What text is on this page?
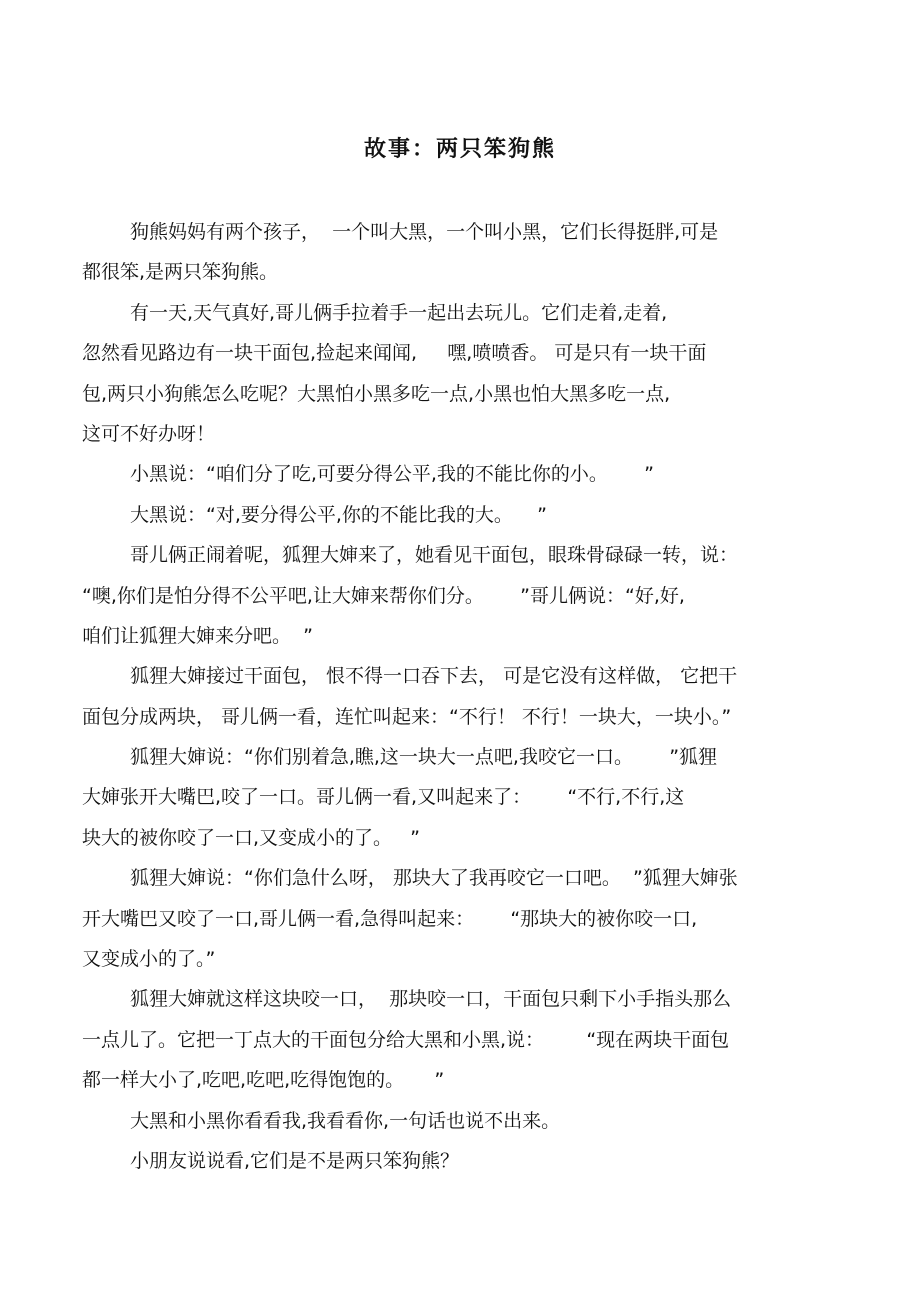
故事：两只笨狗熊
狗熊妈妈有两个孩子，  一个叫大黑，一个叫小黑，它们长得挺胖,可是
都很笨,是两只笨狗熊。
有一天,天气真好,哥儿俩手拉着手一起出去玩儿。它们走着,走着,
忽然看见路边有一块干面包,捡起来闻闻,     嘿,喷喷香。 可是只有一块干面
包,两只小狗熊怎么吃呢？大黑怕小黑多吃一点,小黑也怕大黑多吃一点,
这可不好办呀！
小黑说：“咱们分了吃,可要分得公平,我的不能比你的小。      ”
大黑说：“对,要分得公平,你的不能比我的大。    ”
哥儿俩正闹着呢，狐狸大婶来了，她看见干面包，眼珠骨碌碌一转，说：
“噢,你们是怕分得不公平吧,让大婶来帮你们分。      ”哥儿俩说：“好,好,
咱们让狐狸大婶来分吧。  ”
狐狸大婶接过干面包， 恨不得一口吞下去， 可是它没有这样做， 它把干
面包分成两块， 哥儿俩一看，连忙叫起来：“不行！ 不行！一块大，一块小。”
狐狸大婶说：“你们别着急,瞧,这一块大一点吧,我咬它一口。      ”狐狸
大婶张开大嘴巴,咬了一口。哥儿俩一看,又叫起来了：      “不行,不行,这
块大的被你咬了一口,又变成小的了。   ”
狐狸大婶说：“你们急什么呀， 那块大了我再咬它一口吧。  ”狐狸大婶张
开大嘴巴又咬了一口,哥儿俩一看,急得叫起来：      “那块大的被你咬一口,
又变成小的了。”
狐狸大婶就这样这块咬一口，  那块咬一口，干面包只剩下小手指头那么
一点儿了。它把一丁点大的干面包分给大黑和小黑,说：       “现在两块干面包
都一样大小了,吃吧,吃吧,吃得饱饱的。     ”
大黑和小黑你看看我,我看看你,一句话也说不出来。
小朋友说说看,它们是不是两只笨狗熊？
